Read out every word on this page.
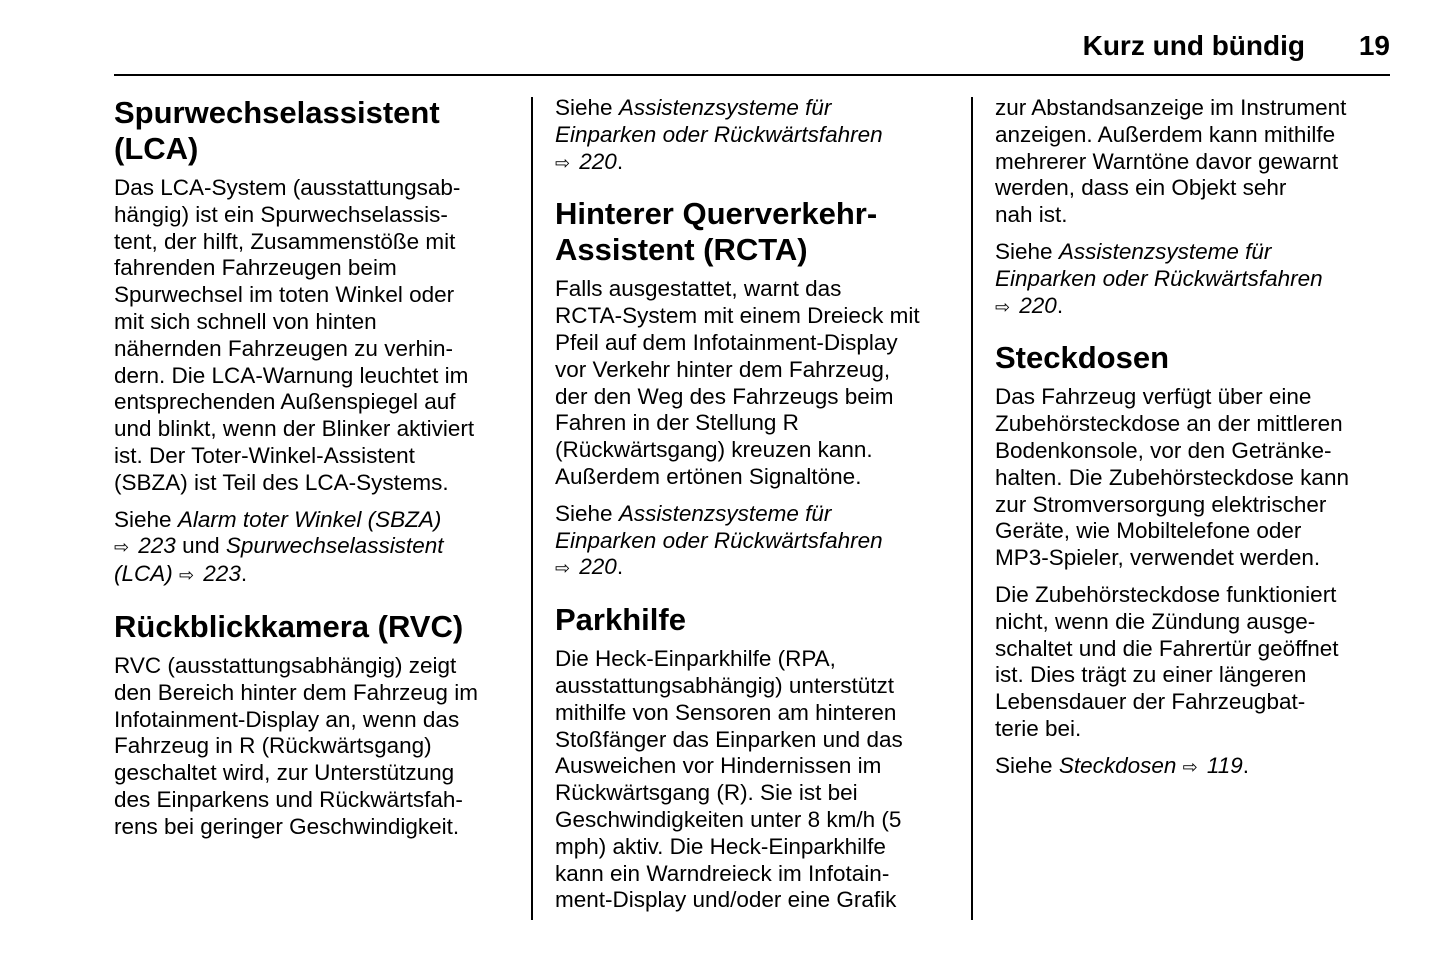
Kurz und bündig 19
Spurwechselassistent
(LCA)

Das LCA-System (ausstattungsab-
hängig) ist ein Spurwechselassis-
tent, der hilft, Zusammenstöße mit
fahrenden Fahrzeugen beim
Spurwechsel im toten Winkel oder
mit sich schnell von hinten
nähernden Fahrzeugen zu verhin-
dern. Die LCA-Warnung leuchtet im
entsprechenden Außenspiegel auf
und blinkt, wenn der Blinker aktiviert
ist. Der Toter-Winkel-Assistent
(SBZA) ist Teil des LCA-Systems.

Siehe Alarm toter Winkel (SBZA)
⇨ 223 und Spurwechselassistent
(LCA) ⇨ 223.

Rückblickkamera (RVC)

RVC (ausstattungsabhängig) zeigt
den Bereich hinter dem Fahrzeug im
Infotainment-Display an, wenn das
Fahrzeug in R (Rückwärtsgang)
geschaltet wird, zur Unterstützung
des Einparkens und Rückwärtsfah-
rens bei geringer Geschwindigkeit.

Siehe Assistenzsysteme für
Einparken oder Rückwärtsfahren
⇨ 220.

Hinterer Querverkehr-
Assistent (RCTA)

Falls ausgestattet, warnt das
RCTA-System mit einem Dreieck mit
Pfeil auf dem Infotainment-Display
vor Verkehr hinter dem Fahrzeug,
der den Weg des Fahrzeugs beim
Fahren in der Stellung R
(Rückwärtsgang) kreuzen kann.
Außerdem ertönen Signaltöne.

Siehe Assistenzsysteme für
Einparken oder Rückwärtsfahren
⇨ 220.

Parkhilfe

Die Heck-Einparkhilfe (RPA,
ausstattungsabhängig) unterstützt
mithilfe von Sensoren am hinteren
Stoßfänger das Einparken und das
Ausweichen vor Hindernissen im
Rückwärtsgang (R). Sie ist bei
Geschwindigkeiten unter 8 km/h (5
mph) aktiv. Die Heck-Einparkhilfe
kann ein Warndreieck im Infotain-
ment-Display und/oder eine Grafik

zur Abstandsanzeige im Instrument
anzeigen. Außerdem kann mithilfe
mehrerer Warntöne davor gewarnt
werden, dass ein Objekt sehr
nah ist.

Siehe Assistenzsysteme für
Einparken oder Rückwärtsfahren
⇨ 220.

Steckdosen

Das Fahrzeug verfügt über eine
Zubehörsteckdose an der mittleren
Bodenkonsole, vor den Getränke-
halten. Die Zubehörsteckdose kann
zur Stromversorgung elektrischer
Geräte, wie Mobiltelefone oder
MP3-Spieler, verwendet werden.

Die Zubehörsteckdose funktioniert
nicht, wenn die Zündung ausge-
schaltet und die Fahrertür geöffnet
ist. Dies trägt zu einer längeren
Lebensdauer der Fahrzeugbat-
terie bei.

Siehe Steckdosen ⇨ 119.
